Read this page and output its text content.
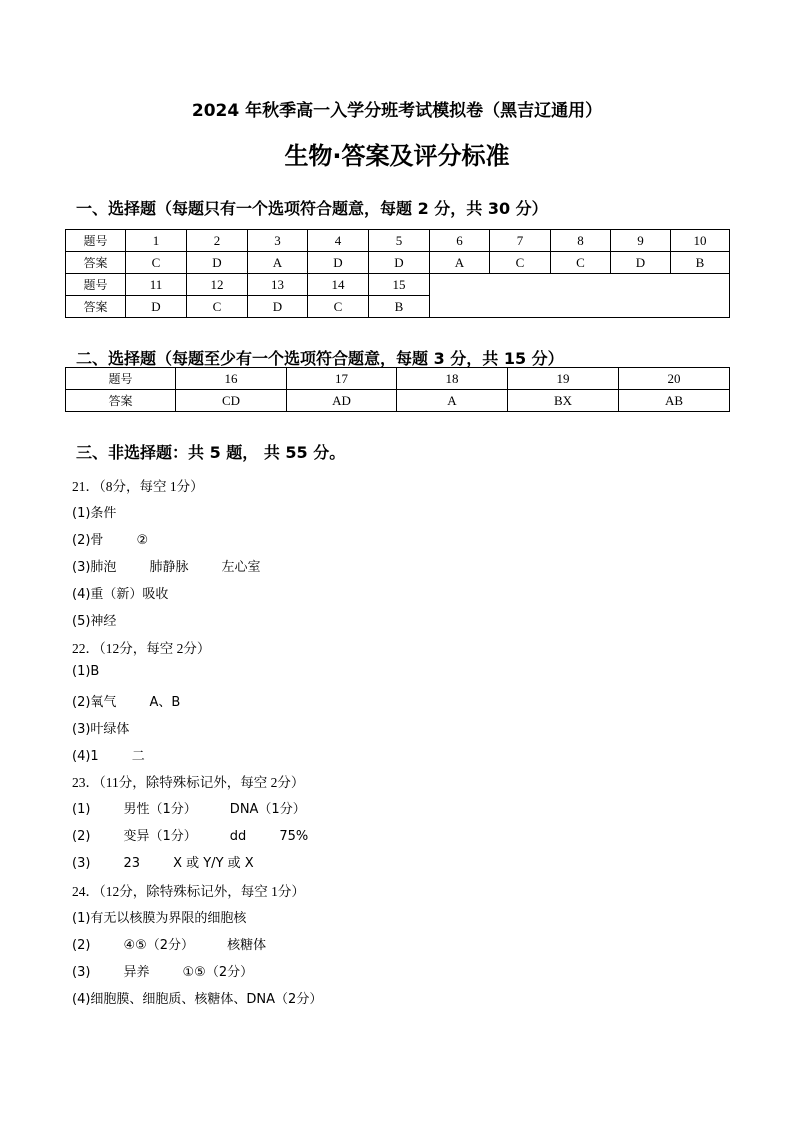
2024 年秋季高一入学分班考试模拟卷（黑吉辽通用）
生物·答案及评分标准
一、选择题（每题只有一个选项符合题意，每题 2 分，共 30 分）
题号	1	2	3	4	5	6	7	8	9	10
答案	C	D	A	D	D	A	C	C	D	B
题号	11	12	13	14	15					
答案	D	C	D	C	B					
二、选择题（每题至少有一个选项符合题意，每题 3 分，共 15 分）
题号	16	17	18	19	20
答案	CD	AD	A	BX	AB
三、非选择题：共 5 题， 共 55 分。
21．（8分，每空 1分）
(1)条件
(2)骨        ②
(3)肺泡        肺静脉        左心室
(4)重（新）吸收
(5)神经
22．（12分，每空 2分）
(1)B
(2)氧气        A、B
(3)叶绿体
(4)1        二
23．（11分，除特殊标记外，每空 2分）
(1)        男性（1分）        DNA（1分）
(2)        变异（1分）        dd        75%
(3)        23        X 或 Y/Y 或 X
24．（12分，除特殊标记外，每空 1分）
(1)有无以核膜为界限的细胞核
(2)        ④⑤（2分）        核糖体
(3)        异养        ①⑤（2分）
(4)细胞膜、细胞质、核糖体、DNA（2分）
